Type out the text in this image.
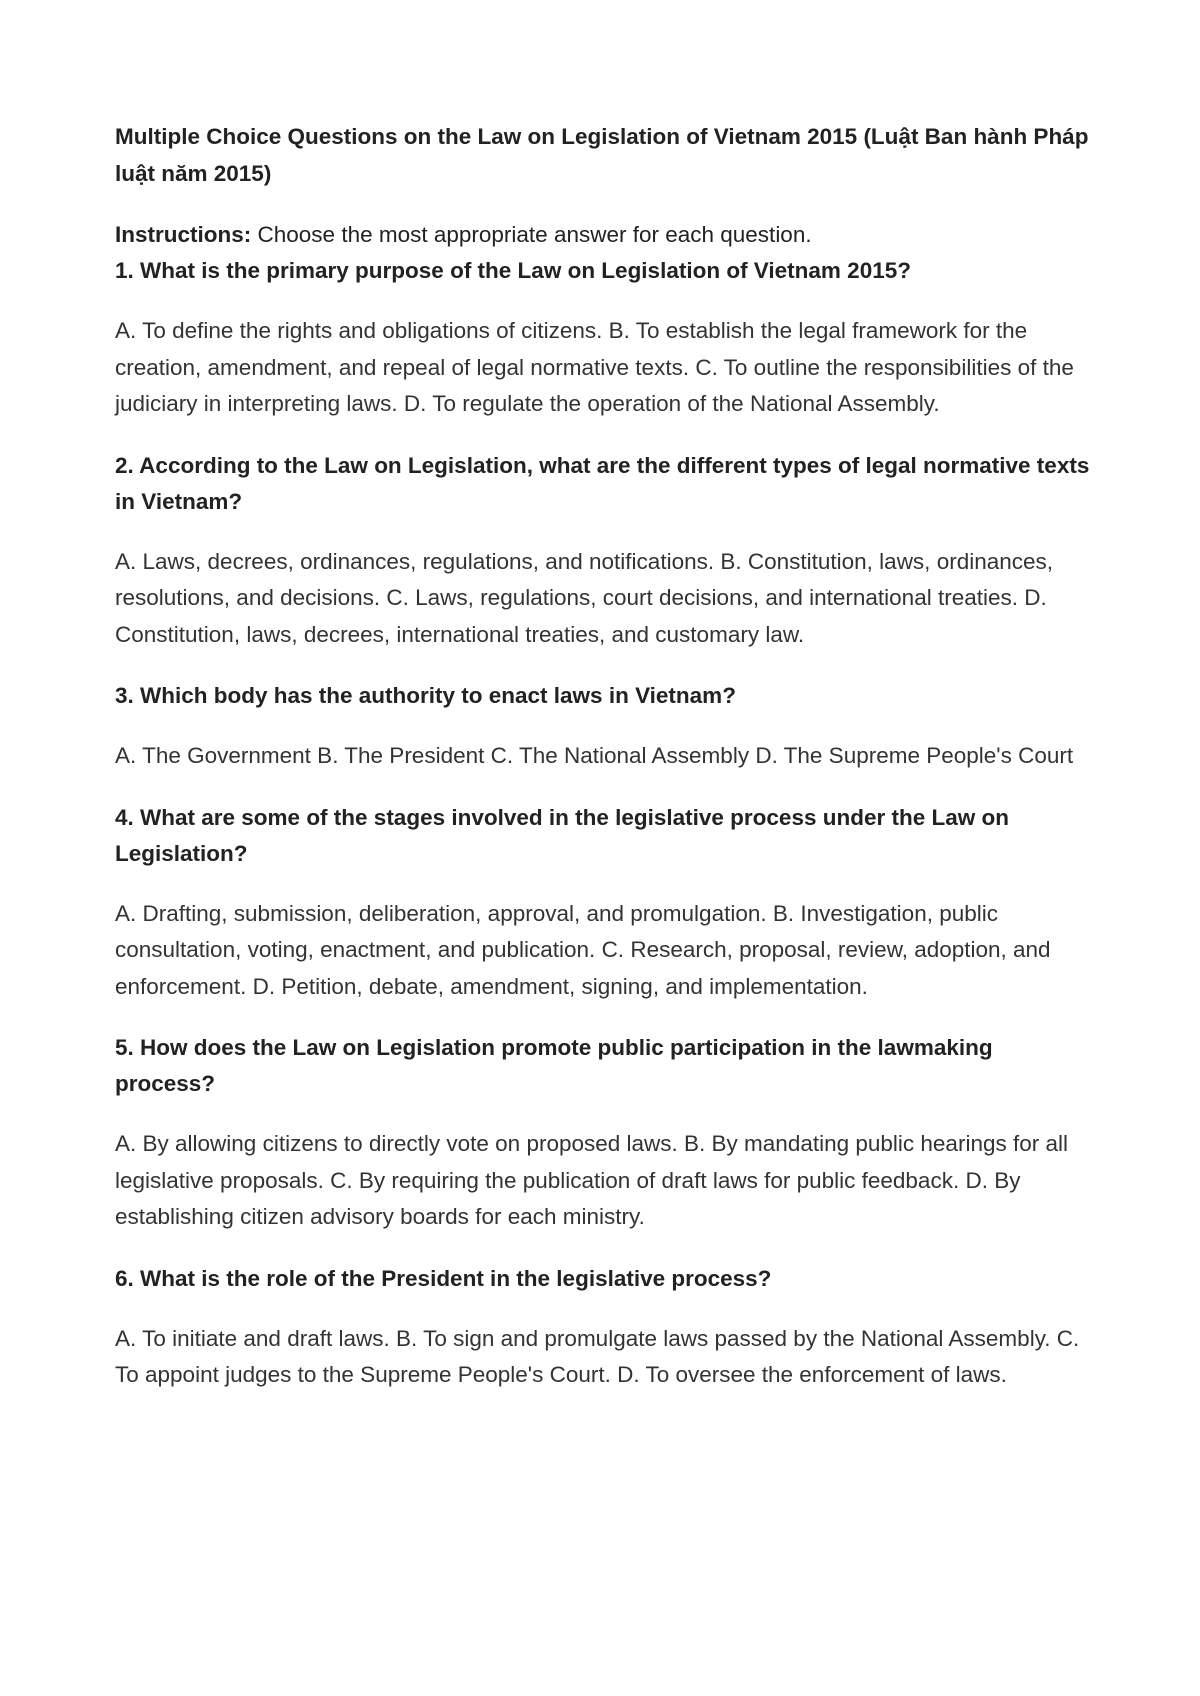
Multiple Choice Questions on the Law on Legislation of Vietnam 2015 (Luật Ban hành Pháp luật năm 2015)

Instructions: Choose the most appropriate answer for each question.

1. What is the primary purpose of the Law on Legislation of Vietnam 2015?

A. To define the rights and obligations of citizens. B. To establish the legal framework for the creation, amendment, and repeal of legal normative texts. C. To outline the responsibilities of the judiciary in interpreting laws. D. To regulate the operation of the National Assembly.

2. According to the Law on Legislation, what are the different types of legal normative texts in Vietnam?

A. Laws, decrees, ordinances, regulations, and notifications. B. Constitution, laws, ordinances, resolutions, and decisions. C. Laws, regulations, court decisions, and international treaties. D. Constitution, laws, decrees, international treaties, and customary law.

3. Which body has the authority to enact laws in Vietnam?

A. The Government B. The President C. The National Assembly D. The Supreme People's Court

4. What are some of the stages involved in the legislative process under the Law on Legislation?

A. Drafting, submission, deliberation, approval, and promulgation. B. Investigation, public consultation, voting, enactment, and publication. C. Research, proposal, review, adoption, and enforcement. D. Petition, debate, amendment, signing, and implementation.

5. How does the Law on Legislation promote public participation in the lawmaking process?

A. By allowing citizens to directly vote on proposed laws. B. By mandating public hearings for all legislative proposals. C. By requiring the publication of draft laws for public feedback. D. By establishing citizen advisory boards for each ministry.

6. What is the role of the President in the legislative process?

A. To initiate and draft laws. B. To sign and promulgate laws passed by the National Assembly. C. To appoint judges to the Supreme People's Court. D. To oversee the enforcement of laws.
